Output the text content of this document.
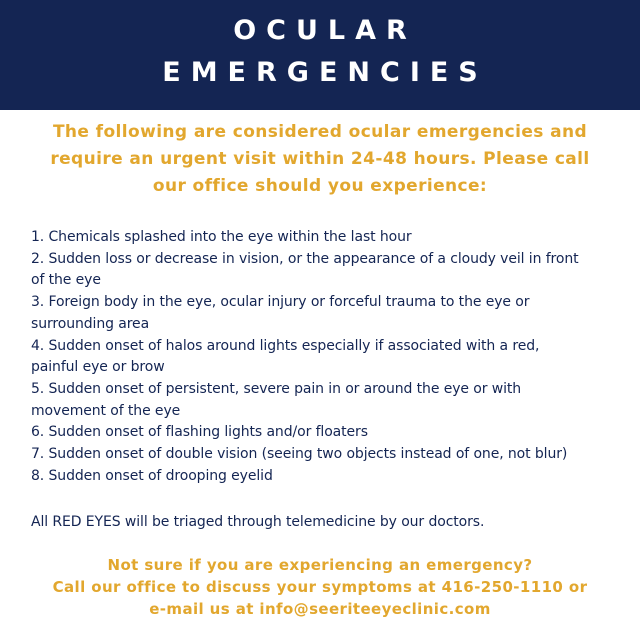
OCULAR
EMERGENCIES
The following are considered ocular emergencies and
require an urgent visit within 24-48 hours. Please call
our office should you experience:
1. Chemicals splashed into the eye within the last hour
2. Sudden loss or decrease in vision, or the appearance of a cloudy veil in front
of the eye
3. Foreign body in the eye, ocular injury or forceful trauma to the eye or
surrounding area
4. Sudden onset of halos around lights especially if associated with a red,
painful eye or brow
5. Sudden onset of persistent, severe pain in or around the eye or with
movement of the eye
6. Sudden onset of flashing lights and/or floaters
7. Sudden onset of double vision (seeing two objects instead of one, not blur)
8. Sudden onset of drooping eyelid
All RED EYES will be triaged through telemedicine by our doctors.
Not sure if you are experiencing an emergency?
Call our office to discuss your symptoms at 416-250-1110 or
e-mail us at info@seeriteeyeclinic.com
